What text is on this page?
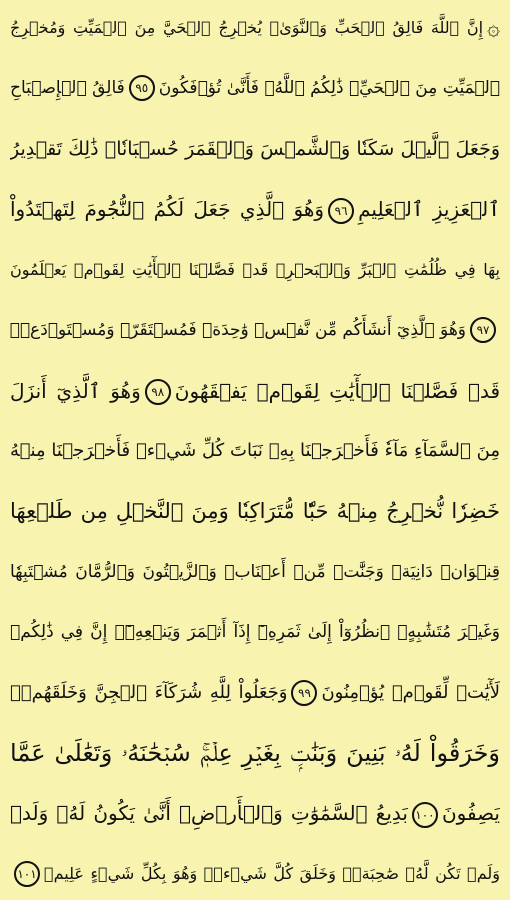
۞إِنَّ ٱللَّهَ فَالِقُ ٱلۡحَبِّ وَٱلنَّوَىٰۖ يُخۡرِجُ ٱلۡحَيَّ مِنَ ٱلۡمَيِّتِ وَمُخۡرِجُ
ٱلۡمَيِّتِ مِنَ ٱلۡحَيِّۚ ذَٰلِكُمُ ٱللَّهُۖ فَأَنَّىٰ تُؤۡفَكُونَ٩٥فَالِقُ ٱلۡإِصۡبَاحِ
وَجَعَلَ ٱلَّيۡلَ سَكَنٗا وَٱلشَّمۡسَ وَٱلۡقَمَرَ حُسۡبَانٗاۚ ذَٰلِكَ تَقۡدِيرُ
ٱلۡعَزِيزِ ٱلۡعَلِيمِ٩٦وَهُوَ ٱلَّذِي جَعَلَ لَكُمُ ٱلنُّجُومَ لِتَهۡتَدُواْ
بِهَا فِي ظُلُمَٰتِ ٱلۡبَرِّ وَٱلۡبَحۡرِۗ قَدۡ فَصَّلۡنَا ٱلۡأٓيَٰتِ لِقَوۡمٖ يَعۡلَمُونَ
٩٧وَهُوَ ٱلَّذِيٓ أَنشَأَكُم مِّن نَّفۡسٖ وَٰحِدَةٖ فَمُسۡتَقَرّٞ وَمُسۡتَوۡدَعٞۗ
قَدۡ فَصَّلۡنَا ٱلۡأٓيَٰتِ لِقَوۡمٖ يَفۡقَهُونَ٩٨وَهُوَ ٱلَّذِيٓ أَنزَلَ
مِنَ ٱلسَّمَآءِ مَآءٗ فَأَخۡرَجۡنَا بِهِۦ نَبَاتَ كُلِّ شَيۡءٖ فَأَخۡرَجۡنَا مِنۡهُ
خَضِرٗا نُّخۡرِجُ مِنۡهُ حَبّٗا مُّتَرَاكِبٗا وَمِنَ ٱلنَّخۡلِ مِن طَلۡعِهَا
قِنۡوَانٞ دَانِيَةٞ وَجَنَّٰتٖ مِّنۡ أَعۡنَابٖ وَٱلزَّيۡتُونَ وَٱلرُّمَّانَ مُشۡتَبِهٗا
وَغَيۡرَ مُتَشَٰبِهٍۗ ٱنظُرُوٓاْ إِلَىٰ ثَمَرِهِۦٓ إِذَآ أَثۡمَرَ وَيَنۡعِهِۦٓۚ إِنَّ فِي ذَٰلِكُمۡ
لَأٓيَٰتٖ لِّقَوۡمٖ يُؤۡمِنُونَ٩٩وَجَعَلُواْ لِلَّهِ شُرَكَآءَ ٱلۡجِنَّ وَخَلَقَهُمۡۖ
وَخَرَقُواْ لَهُۥ بَنِينَ وَبَنَٰتِۭ بِغَيۡرِ عِلۡمٖۚ سُبۡحَٰنَهُۥ وَتَعَٰلَىٰ عَمَّا
يَصِفُونَ١٠٠بَدِيعُ ٱلسَّمَٰوَٰتِ وَٱلۡأَرۡضِۖ أَنَّىٰ يَكُونُ لَهُۥ وَلَدٞ
وَلَمۡ تَكُن لَّهُۥ صَٰحِبَةٞۖ وَخَلَقَ كُلَّ شَيۡءٖۖ وَهُوَ بِكُلِّ شَيۡءٍ عَلِيمٞ١٠١
